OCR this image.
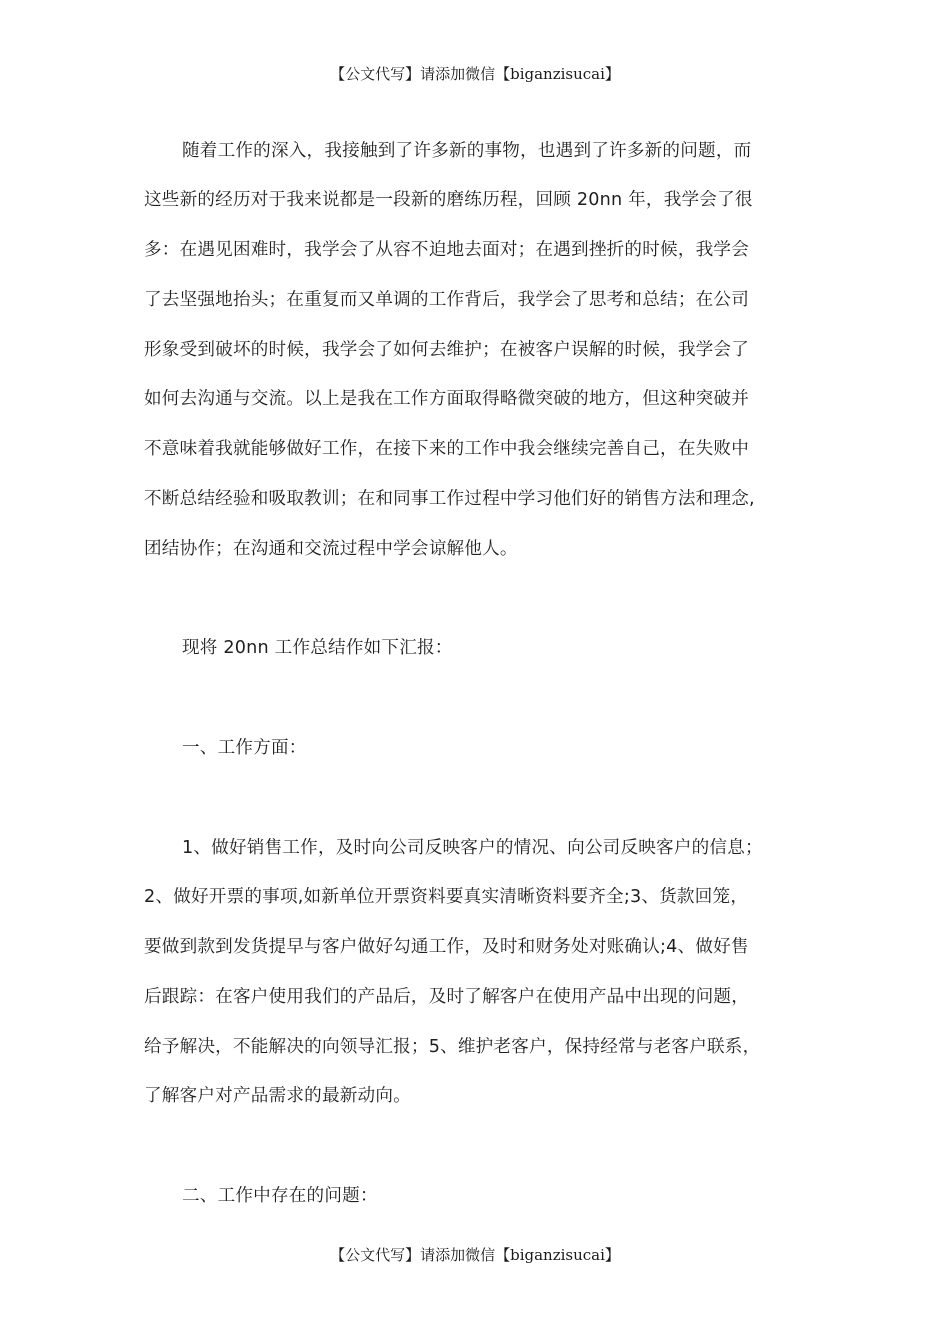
【公文代写】请添加微信【biganzisucai】
随着工作的深入，我接触到了许多新的事物，也遇到了许多新的问题，而
这些新的经历对于我来说都是一段新的磨练历程，回顾 20nn 年，我学会了很
多：在遇见困难时，我学会了从容不迫地去面对；在遇到挫折的时候，我学会
了去坚强地抬头；在重复而又单调的工作背后，我学会了思考和总结；在公司
形象受到破坏的时候，我学会了如何去维护；在被客户误解的时候，我学会了
如何去沟通与交流。以上是我在工作方面取得略微突破的地方，但这种突破并
不意味着我就能够做好工作，在接下来的工作中我会继续完善自己，在失败中
不断总结经验和吸取教训；在和同事工作过程中学习他们好的销售方法和理念,
团结协作；在沟通和交流过程中学会谅解他人。
现将 20nn 工作总结作如下汇报：
一、工作方面：
1、做好销售工作，及时向公司反映客户的情况、向公司反映客户的信息；
2、做好开票的事项,如新单位开票资料要真实清晰资料要齐全;3、货款回笼，
要做到款到发货提早与客户做好勾通工作，及时和财务处对账确认;4、做好售
后跟踪：在客户使用我们的产品后，及时了解客户在使用产品中出现的问题，
给予解决，不能解决的向领导汇报；5、维护老客户，保持经常与老客户联系，
了解客户对产品需求的最新动向。
二、工作中存在的问题：
【公文代写】请添加微信【biganzisucai】
